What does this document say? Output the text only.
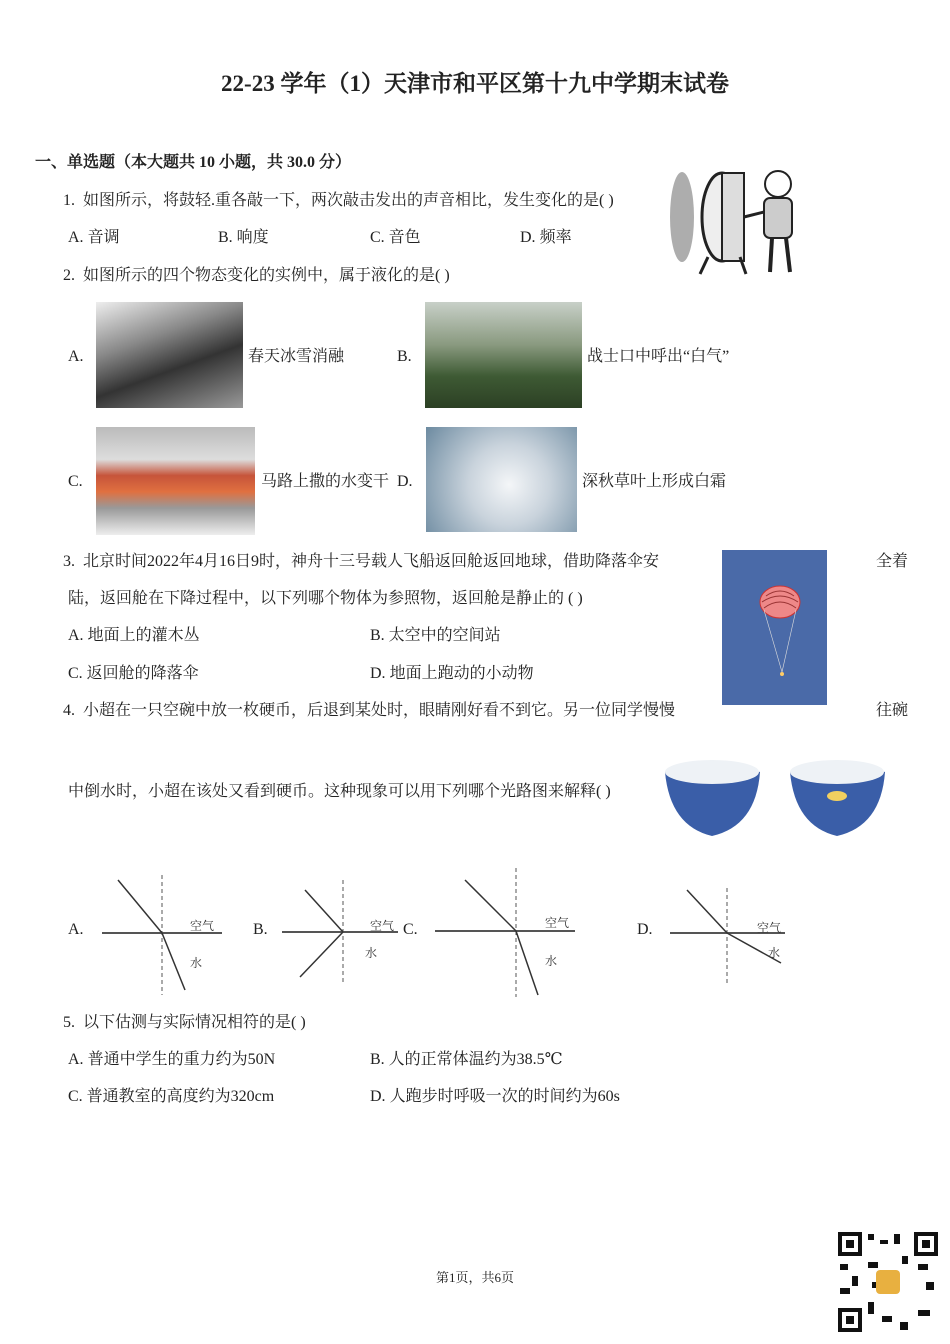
22-23 学年（1）天津市和平区第十九中学期末试卷
一、单选题（本大题共 10 小题，共 30.0 分）
1. 如图所示，将鼓轻.重各敲一下，两次敲击发出的声音相比，发生变化的是( )
A. 音调	B. 响度	C. 音色	D. 频率
2. 如图所示的四个物态变化的实例中，属于液化的是( )
A.	春天冰雪消融	B.	战士口中呼出“白气”
C.	马路上撒的水变干 D.	深秋草叶上形成白霜
3. 北京时间2022年4月16日9时，神舟十三号载人飞船返回舱返回地球，借助降落伞安	全着
陆，返回舱在下降过程中，以下列哪个物体为参照物，返回舱是静止的 ( )
A. 地面上的灌木丛	B. 太空中的空间站
C. 返回舱的降落伞	D. 地面上跑动的小动物
4. 小超在一只空碗中放一枚硬币，后退到某处时，眼睛刚好看不到它。另一位同学慢慢	往碗
中倒水时，小超在该处又看到硬币。这种现象可以用下列哪个光路图来解释( )
A.	空气
水
B.	空气
水
C.	空气
水
D.	空气
水
5. 以下估测与实际情况相符的是( )
A. 普通中学生的重力约为50N	B. 人的正常体温约为38.5℃
C. 普通教室的高度约为320cm	D. 人跑步时呼吸一次的时间约为60s
第1页，共6页
